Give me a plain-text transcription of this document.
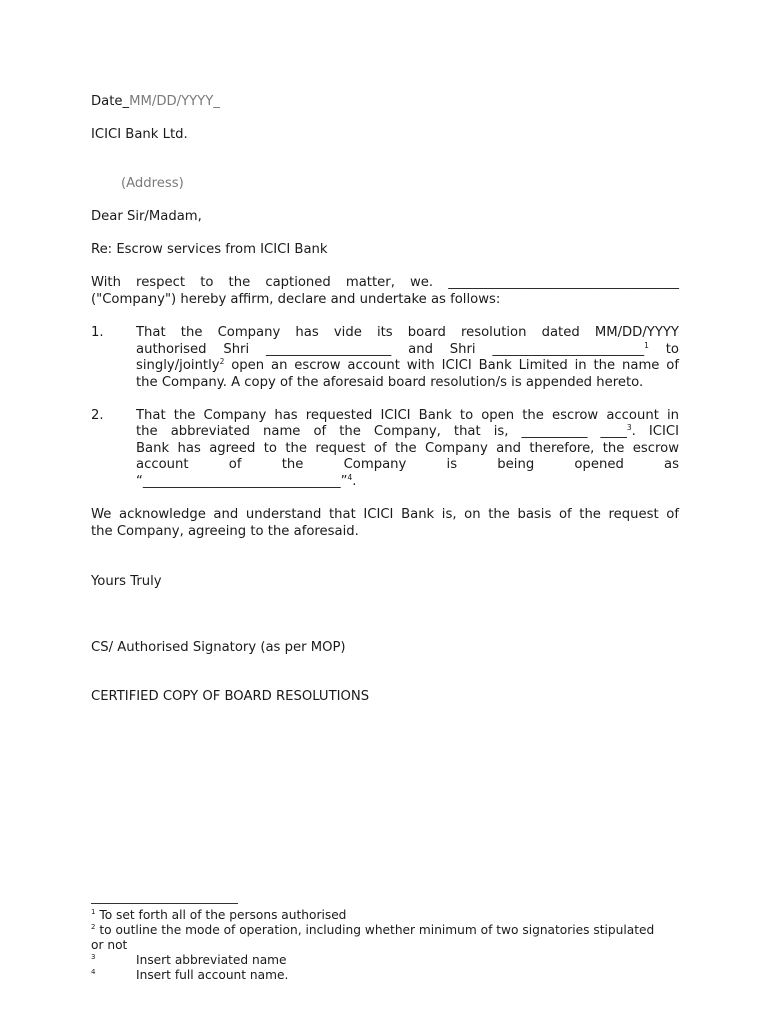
Date_MM/DD/YYYY_
ICICI Bank Ltd.
(Address)
Dear Sir/Madam,
Re: Escrow services from ICICI Bank
With respect to the captioned matter, we. ___________________________________
("Company") hereby affirm, declare and undertake as follows:
1. That the Company has vide its board resolution dated MM/DD/YYYY
authorised Shri ___________________ and Shri _______________________$^1$ to
singly/jointly$^2$ open an escrow account with ICICI Bank Limited in the name of
the Company. A copy of the aforesaid board resolution/s is appended hereto.
2. That the Company has requested ICICI Bank to open the escrow account in
the abbreviated name of the Company, that is, __________ ____$^3$. ICICI
Bank has agreed to the request of the Company and therefore, the escrow
account of the Company is being opened as
“______________________________”$^4$.
We acknowledge and understand that ICICI Bank is, on the basis of the request of
the Company, agreeing to the aforesaid.
Yours Truly
CS/ Authorised Signatory (as per MOP)
CERTIFIED COPY OF BOARD RESOLUTIONS
$^1$ To set forth all of the persons authorised
$^2$ to outline the mode of operation, including whether minimum of two signatories stipulated
or not
$^3$	Insert abbreviated name
$^4$	Insert full account name.
